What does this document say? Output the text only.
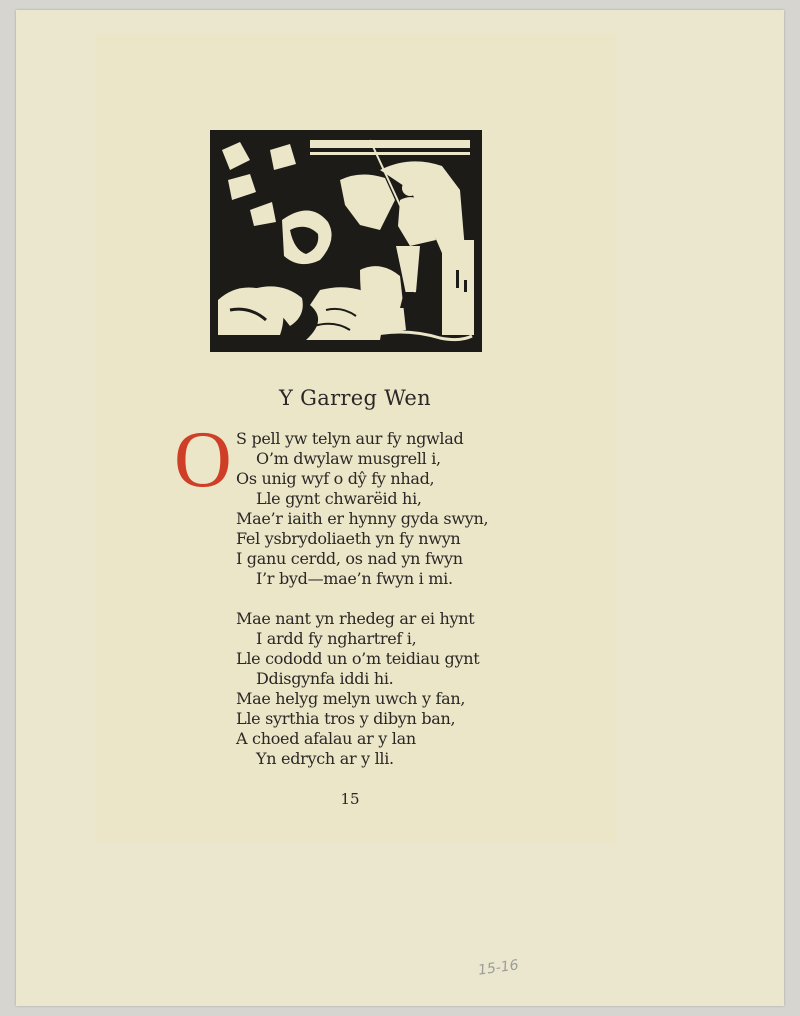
Y Garreg Wen
O S pell yw telyn aur fy ngwlad
O’m dwylaw musgrell i,
Os unig wyf o dŷ fy nhad,
Lle gynt chwarëid hi,
Mae’r iaith er hynny gyda swyn,
Fel ysbrydoliaeth yn fy nwyn
I ganu cerdd, os nad yn fwyn
I’r byd—mae’n fwyn i mi.
Mae nant yn rhedeg ar ei hynt
I ardd fy nghartref i,
Lle cododd un o’m teidiau gynt
Ddisgynfa iddi hi.
Mae helyg melyn uwch y fan,
Lle syrthia tros y dibyn ban,
A choed afalau ar y lan
Yn edrych ar y lli.
15
15-16
